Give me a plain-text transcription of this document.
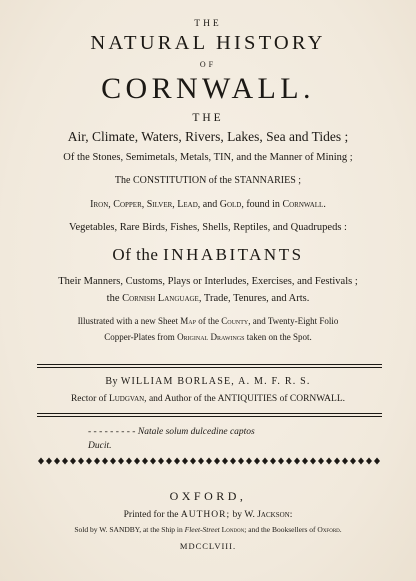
THE
NATURAL HISTORY
OF
CORNWALL.
THE
Air, Climate, Waters, Rivers, Lakes, Sea and Tides ;
Of the Stones, Semimetals, Metals, TIN, and the Manner of Mining ;
The CONSTITUTION of the STANNARIES ;
Iron, Copper, Silver, Lead, and Gold, found in Cornwall.
Vegetables, Rare Birds, Fishes, Shells, Reptiles, and Quadrupeds :
Of the INHABITANTS
Their Manners, Customs, Plays or Interludes, Exercises, and Festivals ;
the Cornish Language, Trade, Tenures, and Arts.
Illustrated with a new Sheet Map of the County, and Twenty-Eight Folio
Copper-Plates from Original Drawings taken on the Spot.
By WILLIAM BORLASE, A. M. F. R. S.
Rector of Ludgvan, and Author of the ANTIQUITIES of CORNWALL.
- - - - - - - - - Natale solum dulcedine captos
Ducit.
OXFORD,
Printed for the AUTHOR; by W. Jackson:
Sold by W. SANDBY, at the Ship in Fleet-Street London; and the Booksellers of Oxford.
MDCCLVIII.
